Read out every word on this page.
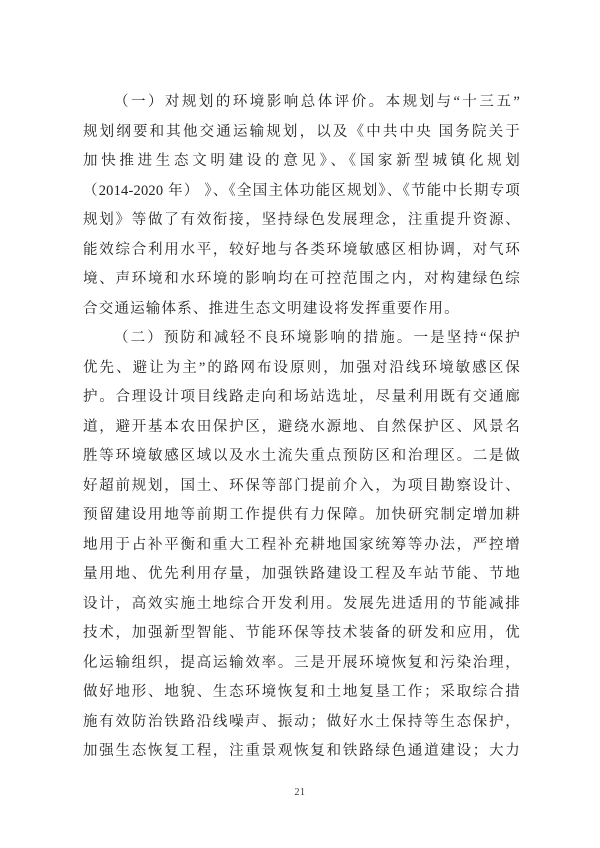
（一）对规划的环境影响总体评价。本规划与“十三五”
规划纲要和其他交通运输规划，以及《中共中央 国务院关于
加快推进生态文明建设的意见》、《国家新型城镇化规划
（2014-2020 年） 》、《全国主体功能区规划》、《节能中长期专项
规划》等做了有效衔接，坚持绿色发展理念，注重提升资源、
能效综合利用水平，较好地与各类环境敏感区相协调，对气环
境、声环境和水环境的影响均在可控范围之内，对构建绿色综
合交通运输体系、推进生态文明建设将发挥重要作用。
（二）预防和减轻不良环境影响的措施。一是坚持“保护
优先、避让为主”的路网布设原则，加强对沿线环境敏感区保
护。合理设计项目线路走向和场站选址，尽量利用既有交通廊
道，避开基本农田保护区，避绕水源地、自然保护区、风景名
胜等环境敏感区域以及水土流失重点预防区和治理区。二是做
好超前规划，国土、环保等部门提前介入，为项目勘察设计、
预留建设用地等前期工作提供有力保障。加快研究制定增加耕
地用于占补平衡和重大工程补充耕地国家统筹等办法，严控增
量用地、优先利用存量，加强铁路建设工程及车站节能、节地
设计，高效实施土地综合开发利用。发展先进适用的节能减排
技术，加强新型智能、节能环保等技术装备的研发和应用，优
化运输组织，提高运输效率。三是开展环境恢复和污染治理，
做好地形、地貌、生态环境恢复和土地复垦工作；采取综合措
施有效防治铁路沿线噪声、振动；做好水土保持等生态保护，
加强生态恢复工程，注重景观恢复和铁路绿色通道建设；大力
21
